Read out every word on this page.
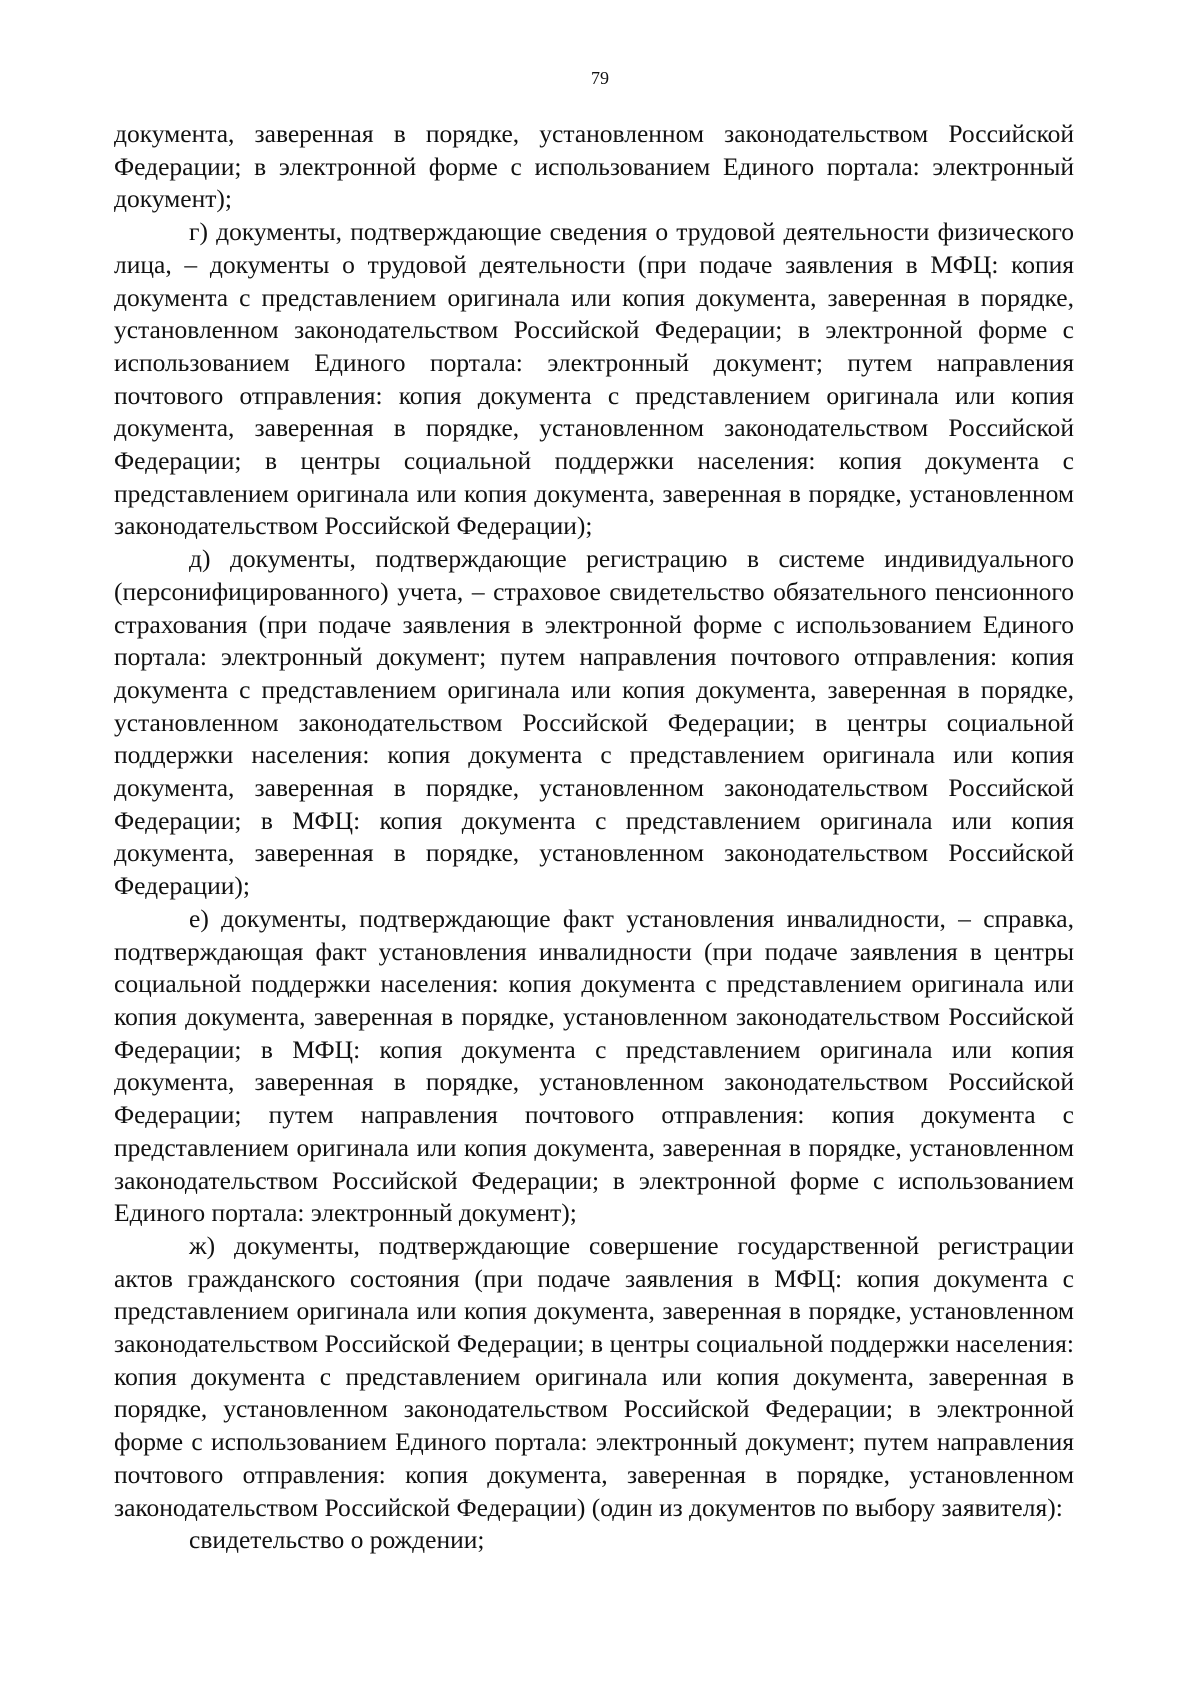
79

документа, заверенная в порядке, установленном законодательством Российской Федерации; в электронной форме с использованием Единого портала: электронный документ);

г) документы, подтверждающие сведения о трудовой деятельности физического лица, – документы о трудовой деятельности (при подаче заявления в МФЦ: копия документа с представлением оригинала или копия документа, заверенная в порядке, установленном законодательством Российской Федерации; в электронной форме с использованием Единого портала: электронный документ; путем направления почтового отправления: копия документа с представлением оригинала или копия документа, заверенная в порядке, установленном законодательством Российской Федерации; в центры социальной поддержки населения: копия документа с представлением оригинала или копия документа, заверенная в порядке, установленном законодательством Российской Федерации);

д) документы, подтверждающие регистрацию в системе индивидуального (персонифицированного) учета, – страховое свидетельство обязательного пенсионного страхования (при подаче заявления в электронной форме с использованием Единого портала: электронный документ; путем направления почтового отправления: копия документа с представлением оригинала или копия документа, заверенная в порядке, установленном законодательством Российской Федерации; в центры социальной поддержки населения: копия документа с представлением оригинала или копия документа, заверенная в порядке, установленном законодательством Российской Федерации; в МФЦ: копия документа с представлением оригинала или копия документа, заверенная в порядке, установленном законодательством Российской Федерации);

е) документы, подтверждающие факт установления инвалидности, – справка, подтверждающая факт установления инвалидности (при подаче заявления в центры социальной поддержки населения: копия документа с представлением оригинала или копия документа, заверенная в порядке, установленном законодательством Российской Федерации; в МФЦ: копия документа с представлением оригинала или копия документа, заверенная в порядке, установленном законодательством Российской Федерации; путем направления почтового отправления: копия документа с представлением оригинала или копия документа, заверенная в порядке, установленном законодательством Российской Федерации; в электронной форме с использованием Единого портала: электронный документ);

ж) документы, подтверждающие совершение государственной регистрации актов гражданского состояния (при подаче заявления в МФЦ: копия документа с представлением оригинала или копия документа, заверенная в порядке, установленном законодательством Российской Федерации; в центры социальной поддержки населения: копия документа с представлением оригинала или копия документа, заверенная в порядке, установленном законодательством Российской Федерации; в электронной форме с использованием Единого портала: электронный документ; путем направления почтового отправления: копия документа, заверенная в порядке, установленном законодательством Российской Федерации) (один из документов по выбору заявителя):

свидетельство о рождении;
